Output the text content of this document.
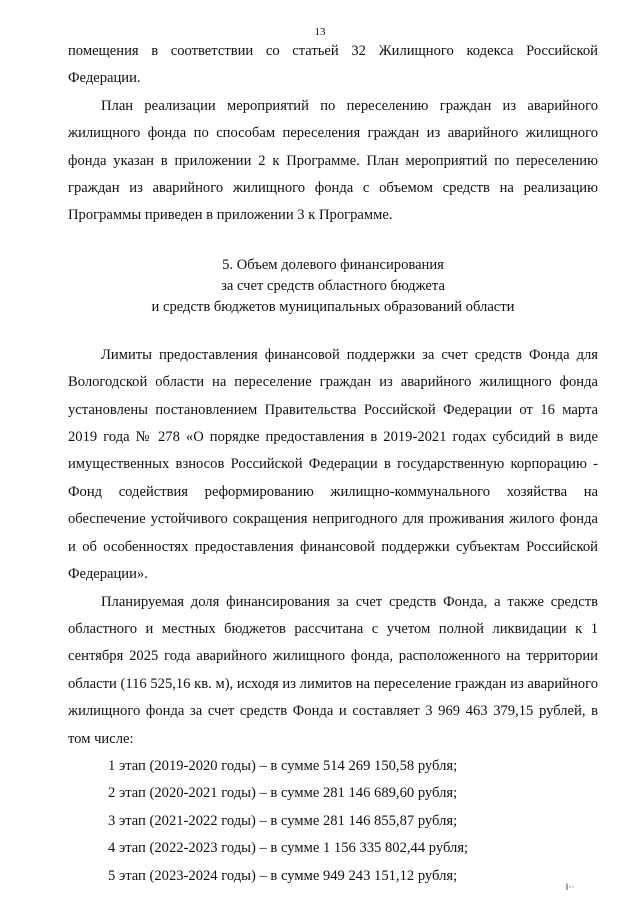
13

помещения в соответствии со статьей 32 Жилищного кодекса Российской Федерации.

План реализации мероприятий по переселению граждан из аварийного жилищного фонда по способам переселения граждан из аварийного жилищного фонда указан в приложении 2 к Программе. План мероприятий по переселению граждан из аварийного жилищного фонда с объемом средств на реализацию Программы приведен в приложении 3 к Программе.

5. Объем долевого финансирования
за счет средств областного бюджета
и средств бюджетов муниципальных образований области

Лимиты предоставления финансовой поддержки за счет средств Фонда для Вологодской области на переселение граждан из аварийного жилищного фонда установлены постановлением Правительства Российской Федерации от 16 марта 2019 года № 278 «О порядке предоставления в 2019-2021 годах субсидий в виде имущественных взносов Российской Федерации в государственную корпорацию - Фонд содействия реформированию жилищно-коммунального хозяйства на обеспечение устойчивого сокращения непригодного для проживания жилого фонда и об особенностях предоставления финансовой поддержки субъектам Российской Федерации».

Планируемая доля финансирования за счет средств Фонда, а также средств областного и местных бюджетов рассчитана с учетом полной ликвидации к 1 сентября 2025 года аварийного жилищного фонда, расположенного на территории области (116 525,16 кв. м), исходя из лимитов на переселение граждан из аварийного жилищного фонда за счет средств Фонда и составляет 3 969 463 379,15 рублей, в том числе:

1 этап (2019-2020 годы) – в сумме 514 269 150,58 рубля;
2 этап (2020-2021 годы) – в сумме 281 146 689,60 рубля;
3 этап (2021-2022 годы) – в сумме 281 146 855,87 рубля;
4 этап (2022-2023 годы) – в сумме 1 156 335 802,44 рубля;
5 этап (2023-2024 годы) – в сумме 949 243 151,12 рубля;
‖··
